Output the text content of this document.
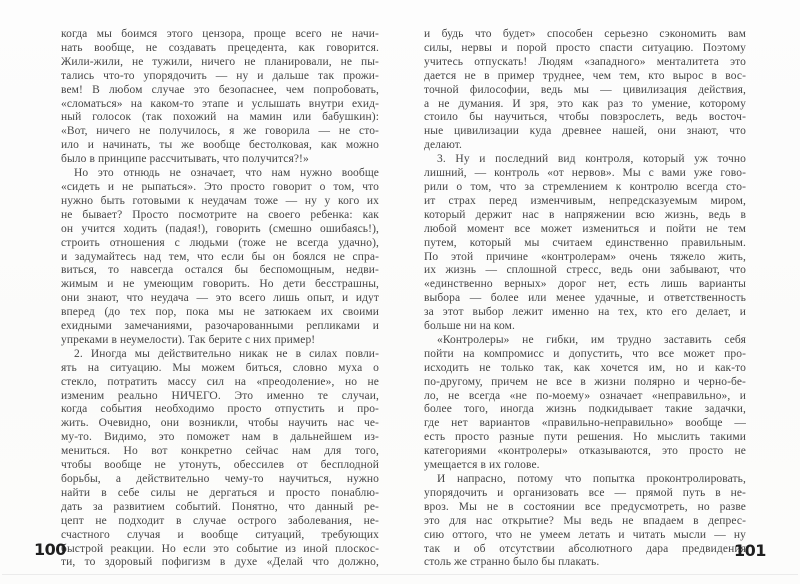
когда мы боимся этого цензора, проще всего не начи-
нать вообще, не создавать прецедента, как говорится.
Жили-жили, не тужили, ничего не планировали, не пы-
тались что-то упорядочить — ну и дальше так прожи-
вем! В любом случае это безопаснее, чем попробовать,
«сломаться» на каком-то этапе и услышать внутри ехид-
ный голосок (так похожий на мамин или бабушкин):
«Вот, ничего не получилось, я же говорила — не сто-
ило и начинать, ты же вообще бестолковая, как можно
было в принципе рассчитывать, что получится?!»
Но это отнюдь не означает, что нам нужно вообще
«сидеть и не рыпаться». Это просто говорит о том, что
нужно быть готовыми к неудачам тоже — ну у кого их
не бывает? Просто посмотрите на своего ребенка: как
он учится ходить (падая!), говорить (смешно ошибаясь!),
строить отношения с людьми (тоже не всегда удачно),
и задумайтесь над тем, что если бы он боялся не спра-
виться, то навсегда остался бы беспомощным, недви-
жимым и не умеющим говорить. Но дети бесстрашны,
они знают, что неудача — это всего лишь опыт, и идут
вперед (до тех пор, пока мы не затюкаем их своими
ехидными замечаниями, разочарованными репликами и
упреками в неумелости). Так берите с них пример!
2. Иногда мы действительно никак не в силах повли-
ять на ситуацию. Мы можем биться, словно муха о
стекло, потратить массу сил на «преодоление», но не
изменим реально НИЧЕГО. Это именно те случаи,
когда события необходимо просто отпустить и про-
жить. Очевидно, они возникли, чтобы научить нас че-
му-то. Видимо, это поможет нам в дальнейшем из-
мениться. Но вот конкретно сейчас нам для того,
чтобы вообще не утонуть, обессилев от бесплодной
борьбы, а действительно чему-то научиться, нужно
найти в себе силы не дергаться и просто понаблю-
дать за развитием событий. Понятно, что данный ре-
цепт не подходит в случае острого заболевания, не-
счастного случая и вообще ситуаций, требующих
быстрой реакции. Но если это событие из иной плоскос-
ти, то здоровый пофигизм в духе «Делай что должно,
100
и будь что будет» способен серьезно сэкономить вам
силы, нервы и порой просто спасти ситуацию. Поэтому
учитесь отпускать! Людям «западного» менталитета это
дается не в пример труднее, чем тем, кто вырос в вос-
точной философии, ведь мы — цивилизация действия,
а не думания. И зря, это как раз то умение, которому
стоило бы научиться, чтобы повзрослеть, ведь восточ-
ные цивилизации куда древнее нашей, они знают, что
делают.
3. Ну и последний вид контроля, который уж точно
лишний, — контроль «от нервов». Мы с вами уже гово-
рили о том, что за стремлением к контролю всегда сто-
ит страх перед изменчивым, непредсказуемым миром,
который держит нас в напряжении всю жизнь, ведь в
любой момент все может измениться и пойти не тем
путем, который мы считаем единственно правильным.
По этой причине «контролерам» очень тяжело жить,
их жизнь — сплошной стресс, ведь они забывают, что
«единственно верных» дорог нет, есть лишь варианты
выбора — более или менее удачные, и ответственность
за этот выбор лежит именно на тех, кто его делает, и
больше ни на ком.
«Контролеры» не гибки, им трудно заставить себя
пойти на компромисс и допустить, что все может про-
исходить не только так, как хочется им, но и как-то
по-другому, причем не все в жизни полярно и черно-бе-
ло, не всегда «не по-моему» означает «неправильно», и
более того, иногда жизнь подкидывает такие задачки,
где нет вариантов «правильно-неправильно» вообще —
есть просто разные пути решения. Но мыслить такими
категориями «контролеры» отказываются, это просто не
умещается в их голове.
И напрасно, потому что попытка проконтролировать,
упорядочить и организовать все — прямой путь в не-
вроз. Мы не в состоянии все предусмотреть, но разве
это для нас открытие? Мы ведь не впадаем в депрес-
сию оттого, что не умеем летать и читать мысли — ну
так и об отсутствии абсолютного дара предвидения
столь же странно было бы плакать.
101
